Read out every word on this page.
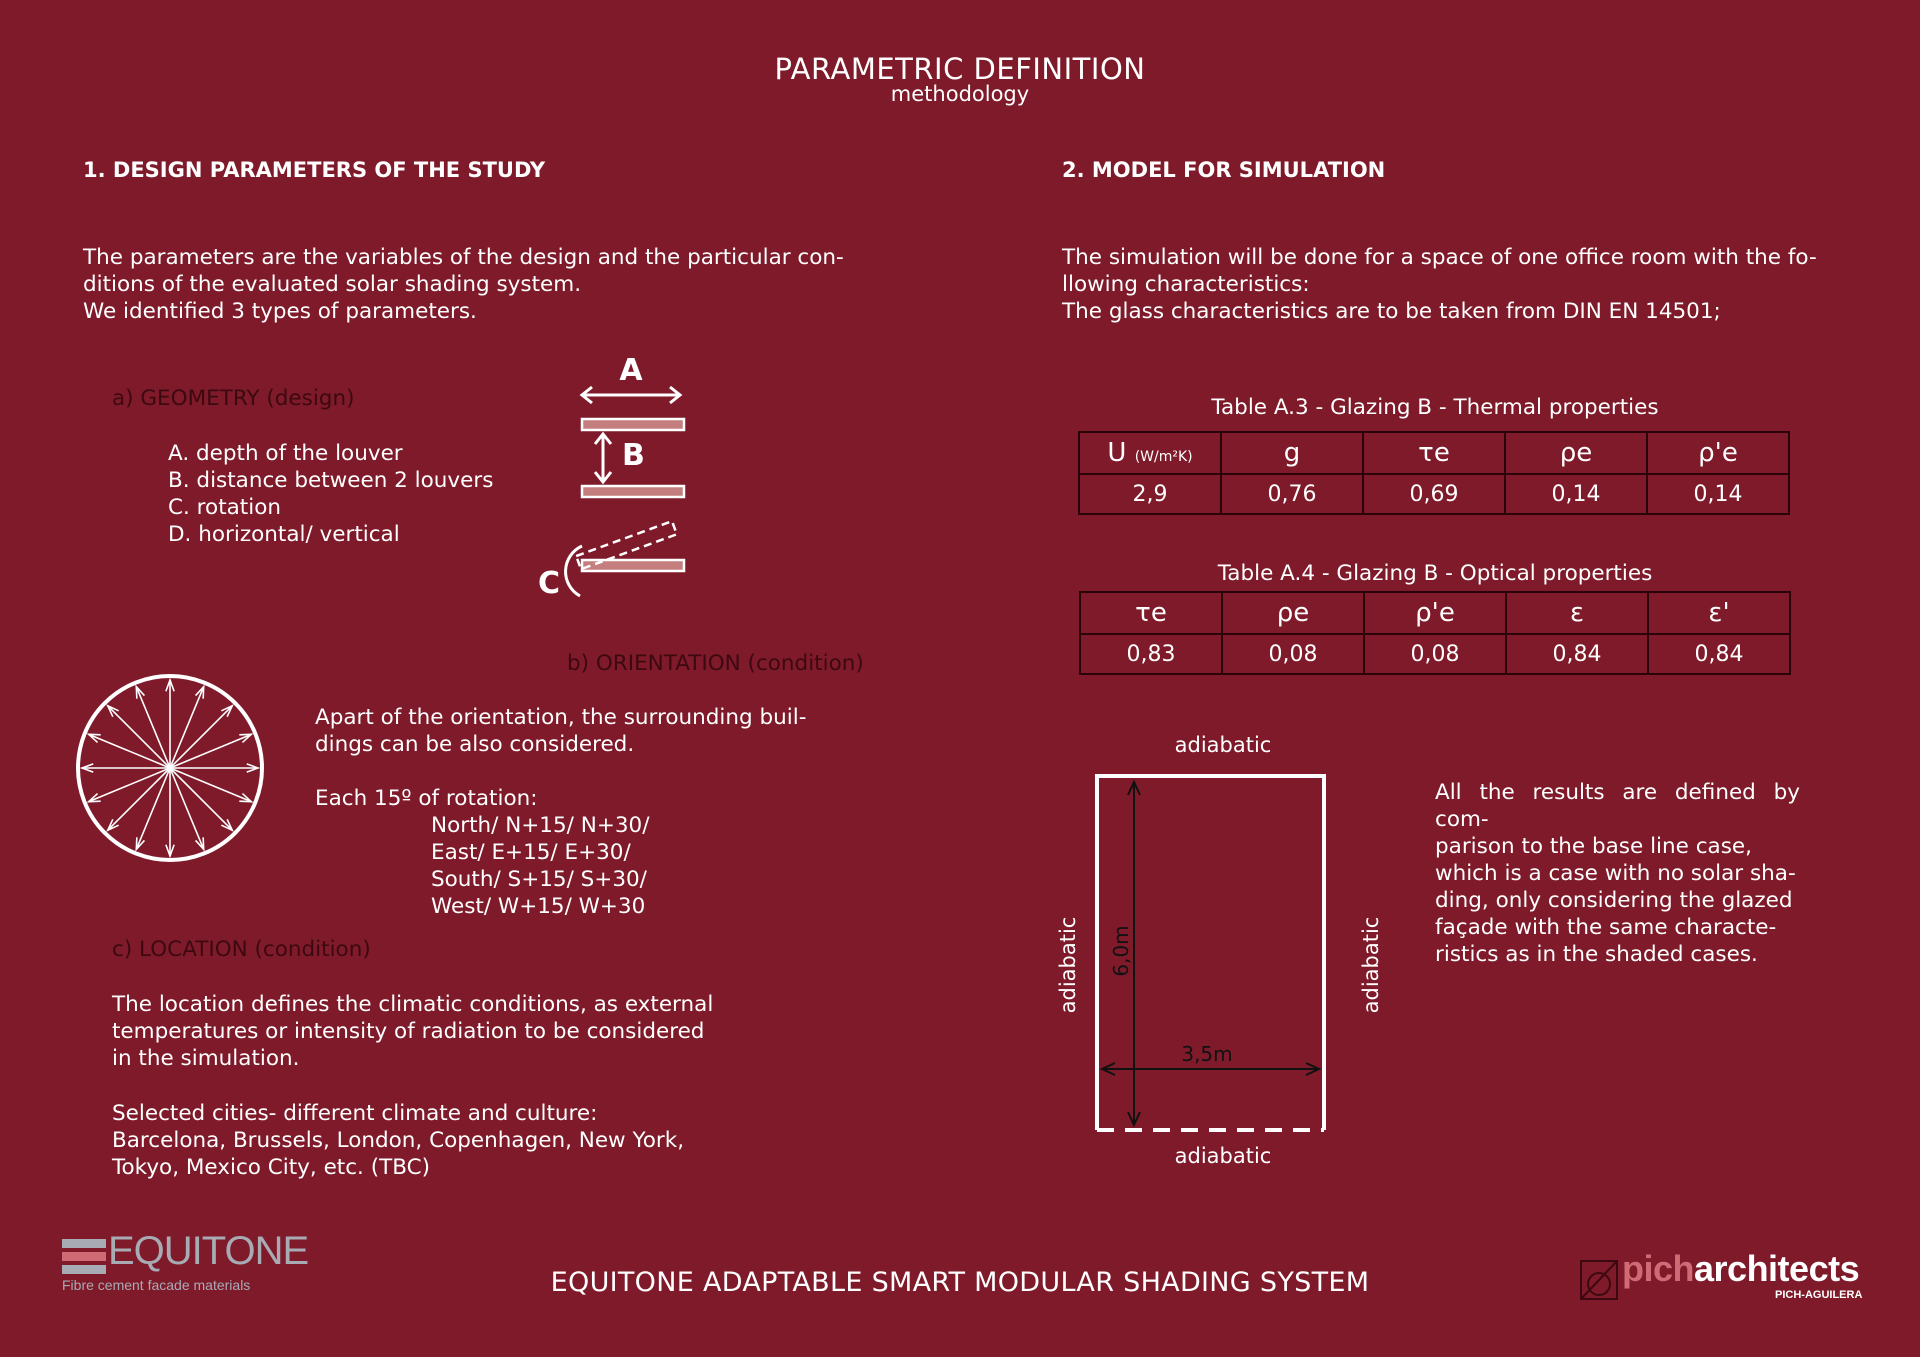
PARAMETRIC DEFINITION
methodology
1. DESIGN PARAMETERS OF THE STUDY
The parameters are the variables of the design and the particular con-
ditions of the evaluated solar shading system.
We identified 3 types of parameters.
a) GEOMETRY (design)
A. depth of the louver
B. distance between 2 louvers
C. rotation
D. horizontal/ vertical
A
B
C
b) ORIENTATION (condition)
Apart of the orientation, the surrounding buil-
dings can be also considered.
Each 15º of rotation:
North/ N+15/ N+30/
East/ E+15/ E+30/
South/ S+15/ S+30/
West/ W+15/ W+30
c) LOCATION (condition)
The location defines the climatic conditions, as external
temperatures or intensity of radiation to be considered
in the simulation.
Selected cities- different climate and culture:
Barcelona, Brussels, London, Copenhagen, New York,
Tokyo, Mexico City, etc. (TBC)
2. MODEL FOR SIMULATION
The simulation will be done for a space of one office room with the fo-
llowing characteristics:
The glass characteristics are to be taken from DIN EN 14501;
Table A.3 - Glazing B - Thermal properties
U (W/m²K)	g	τe	ρe	ρ'e
2,9	0,76	0,69	0,14	0,14
Table A.4 - Glazing B - Optical properties
τe	ρe	ρ'e	ε	ε'
0,83	0,08	0,08	0,84	0,84
adiabatic
adiabatic
adiabatic	adiabatic
6,0m
3,5m
All the results are defined by com-
parison to the base line case,
which is a case with no solar sha-
ding, only considering the glazed
façade with the same characte-
ristics as in the shaded cases.
EQUITONE ADAPTABLE SMART MODULAR SHADING SYSTEM
EQUITONE
Fibre cement facade materials	picharchitects
PICH-AGUILERA
